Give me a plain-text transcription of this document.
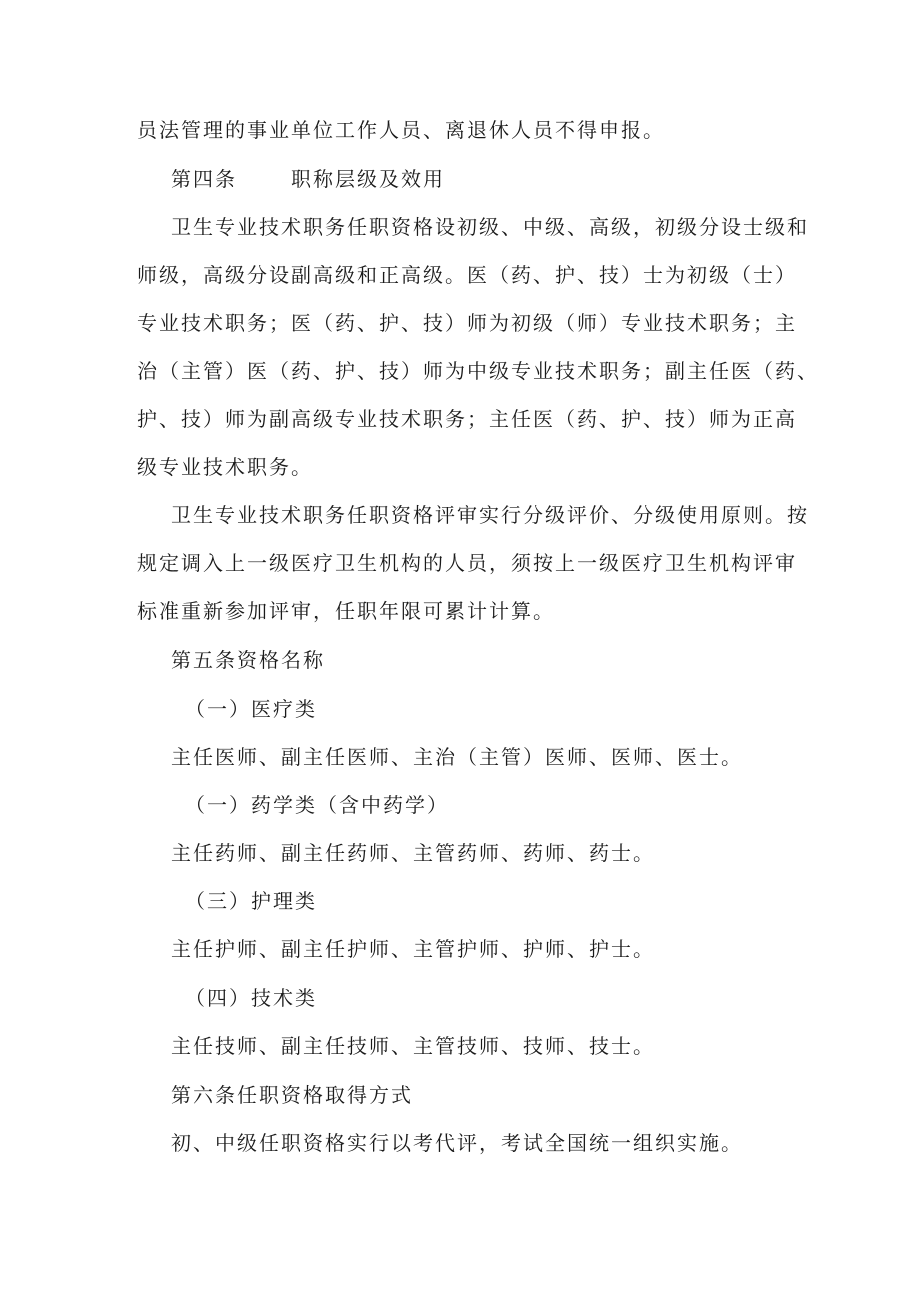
员法管理的事业单位工作人员、离退休人员不得申报。
第四条	职称层级及效用
卫生专业技术职务任职资格设初级、中级、高级，初级分设士级和
师级，高级分设副高级和正高级。医（药、护、技）士为初级（士）
专业技术职务；医（药、护、技）师为初级（师）专业技术职务；主
治（主管）医（药、护、技）师为中级专业技术职务；副主任医（药、
护、技）师为副高级专业技术职务；主任医（药、护、技）师为正高
级专业技术职务。
卫生专业技术职务任职资格评审实行分级评价、分级使用原则。按
规定调入上一级医疗卫生机构的人员，须按上一级医疗卫生机构评审
标准重新参加评审，任职年限可累计计算。
第五条资格名称
（一）医疗类
主任医师、副主任医师、主治（主管）医师、医师、医士。
（一）药学类（含中药学）
主任药师、副主任药师、主管药师、药师、药士。
（三）护理类
主任护师、副主任护师、主管护师、护师、护士。
（四）技术类
主任技师、副主任技师、主管技师、技师、技士。
第六条任职资格取得方式
初、中级任职资格实行以考代评，考试全国统一组织实施。
